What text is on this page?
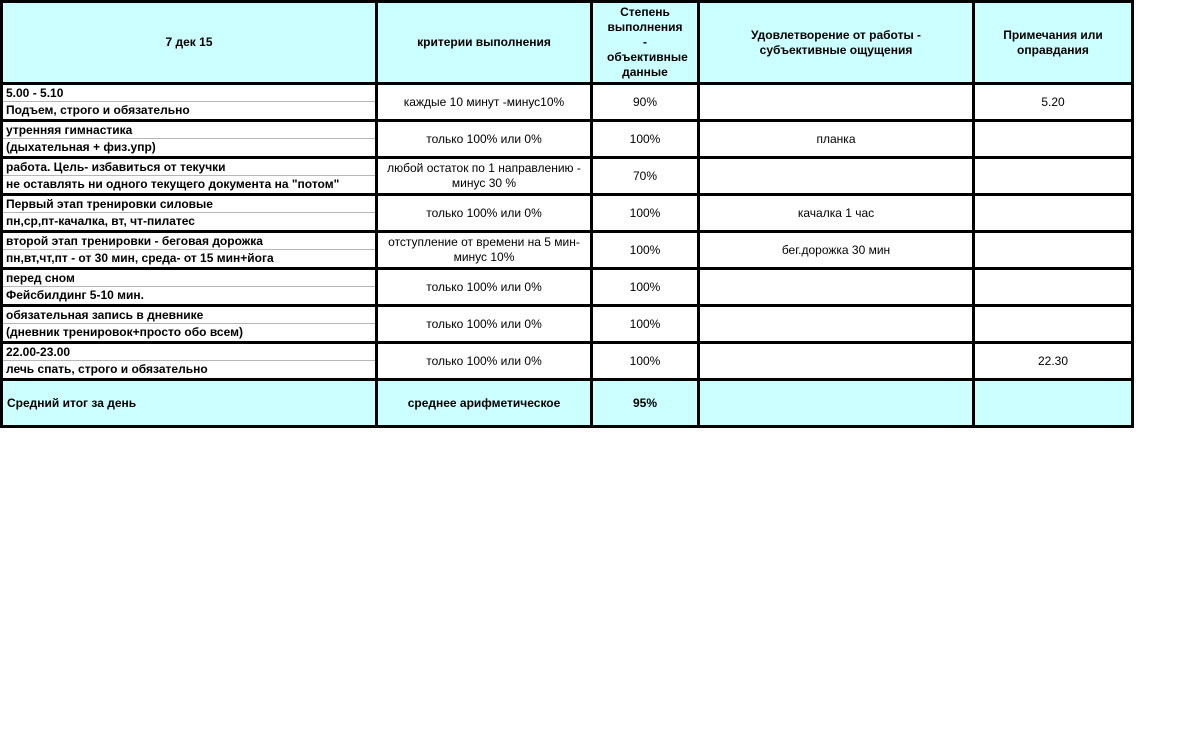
7 дек 15	критерии выполнения	Степень выполнения - объективные данные	Удовлетворение от работы - субъективные ощущения	Примечания или оправдания

5.00 - 5.10
Подъем, строго и обязательно	каждые 10 минут -минус10%	90%		5.20

утренняя гимнастика
(дыхательная + физ.упр)	только 100% или 0%	100%	планка	

работа. Цель- избавиться от текучки
не оставлять ни одного текущего документа на "потом"	любой остаток по 1 направлению - минус 30 %	70%		

Первый этап тренировки силовые
пн,ср,пт-качалка, вт, чт-пилатес	только 100% или 0%	100%	качалка 1 час	

второй этап тренировки - беговая дорожка
пн,вт,чт,пт - от 30 мин, среда- от 15 мин+йога	отступление от времени на 5 мин- минус 10%	100%	бег.дорожка 30 мин	

перед сном
Фейсбилдинг 5-10 мин.	только 100% или 0%	100%		

обязательная запись в дневнике
(дневник тренировок+просто обо всем)	только 100% или 0%	100%		

22.00-23.00
лечь спать, строго и обязательно	только 100% или 0%	100%		22.30
Средний итог за день	среднее арифметическое	95%		
